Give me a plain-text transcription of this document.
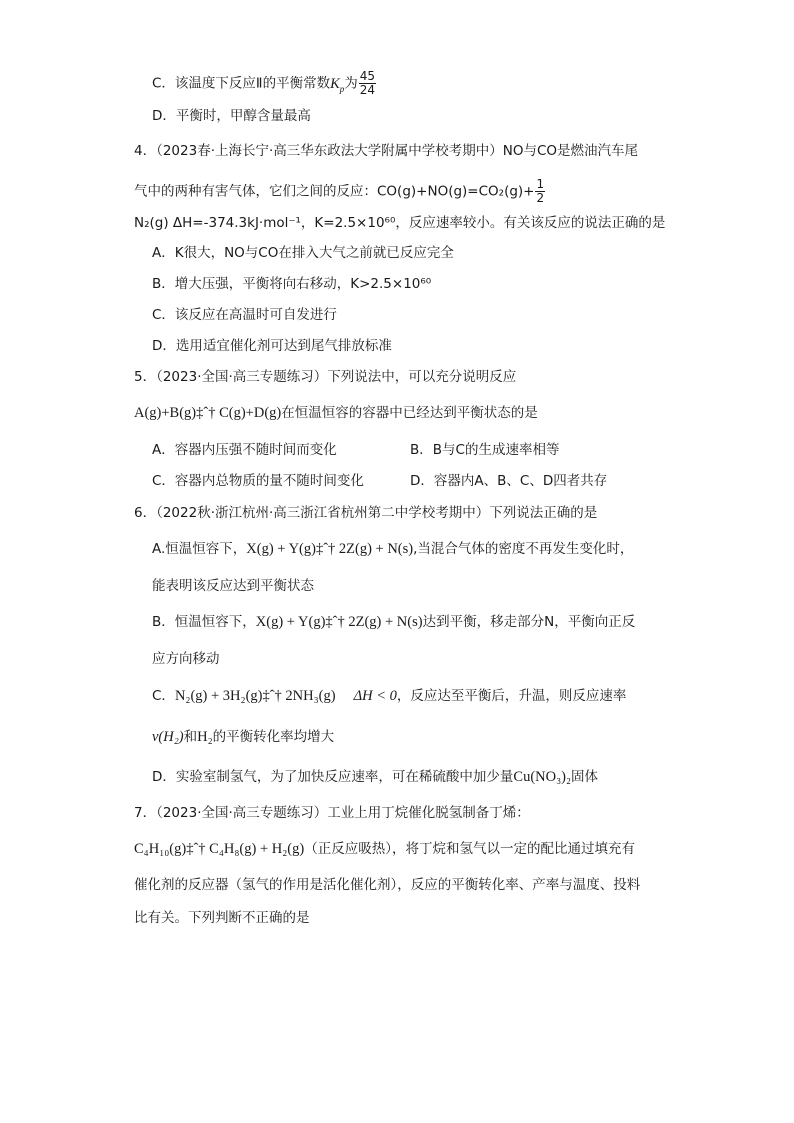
C．该温度下反应Ⅱ的平衡常数$K_p$为 $\frac{45}{24}$
D．平衡时，甲醇含量最高
4．（2023春·上海长宁·高三华东政法大学附属中学校考期中）NO与CO是燃油汽车尾
气中的两种有害气体，它们之间的反应：$CO(g)+NO(g)=CO_2(g)+ \frac{1}{2}$
N₂(g) ΔH=-374.3kJ·mol⁻¹，K=2.5×10⁶⁰，反应速率较小。有关该反应的说法正确的是
A．K很大，NO与CO在排入大气之前就已反应完全
B．增大压强，平衡将向右移动，K>2.5×10⁶⁰
C．该反应在高温时可自发进行
D．选用适宜催化剂可达到尾气排放标准
5．（2023·全国·高三专题练习）下列说法中，可以充分说明反应
A(g)+B(g)‡ˆ† C(g)+D(g)在恒温恒容的容器中已经达到平衡状态的是
A．容器内压强不随时间而变化	B．B与C的生成速率相等
C．容器内总物质的量不随时间变化	D．容器内A、B、C、D四者共存
6．（2022秋·浙江杭州·高三浙江省杭州第二中学校考期中）下列说法正确的是
A.恒温恒容下，X(g) + Y(g)‡ˆ† 2Z(g) + N(s),当混合气体的密度不再发生变化时，
能表明该反应达到平衡状态
B．恒温恒容下，X(g) + Y(g)‡ˆ† 2Z(g) + N(s)达到平衡，移走部分N，平衡向正反
应方向移动
C．N₂(g) + 3H₂(g)‡ˆ† 2NH₃(g) ΔH < 0，反应达至平衡后，升温，则反应速率
v(H₂)和H₂的平衡转化率均增大
D．实验室制氢气，为了加快反应速率，可在稀硫酸中加少量Cu(NO₃)₂固体
7．（2023·全国·高三专题练习）工业上用丁烷催化脱氢制备丁烯：
C₄H₁₀(g)‡ˆ† C₄H₈(g) + H₂(g)（正反应吸热），将丁烷和氢气以一定的配比通过填充有
催化剂的反应器（氢气的作用是活化催化剂），反应的平衡转化率、产率与温度、投料
比有关。下列判断不正确的是
